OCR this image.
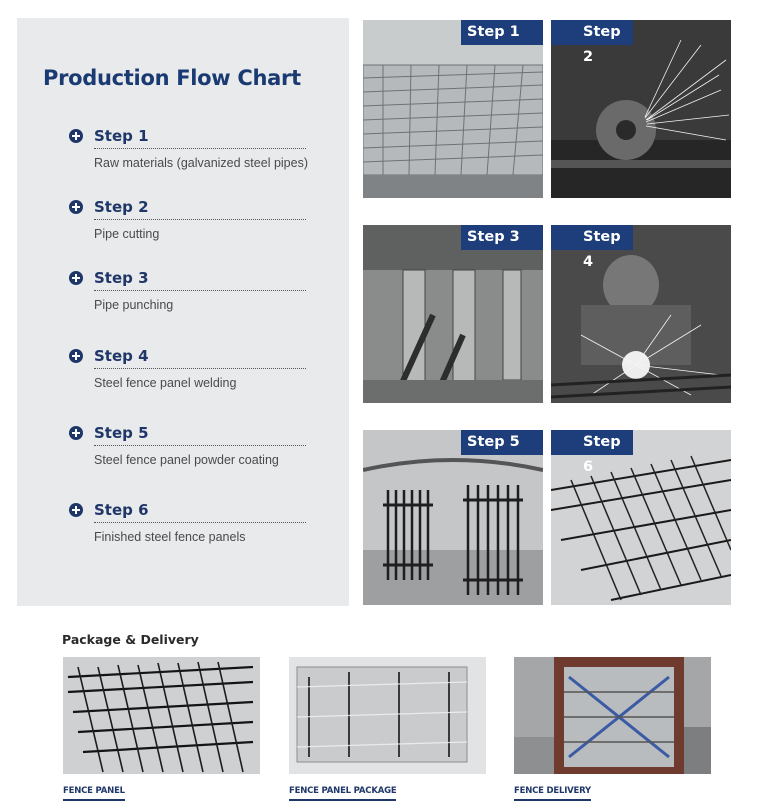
Production Flow Chart
Step 1
Raw materials (galvanized steel pipes)
Step 2
Pipe cutting
Step 3
Pipe punching
Step 4
Steel fence panel welding
Step 5
Steel fence panel powder coating
Step 6
Finished steel fence panels
Step 1	Step 2
Step 3	Step 4
Step 5	Step 6
Package & Delivery
FENCE PANEL	FENCE PANEL PACKAGE	FENCE DELIVERY
